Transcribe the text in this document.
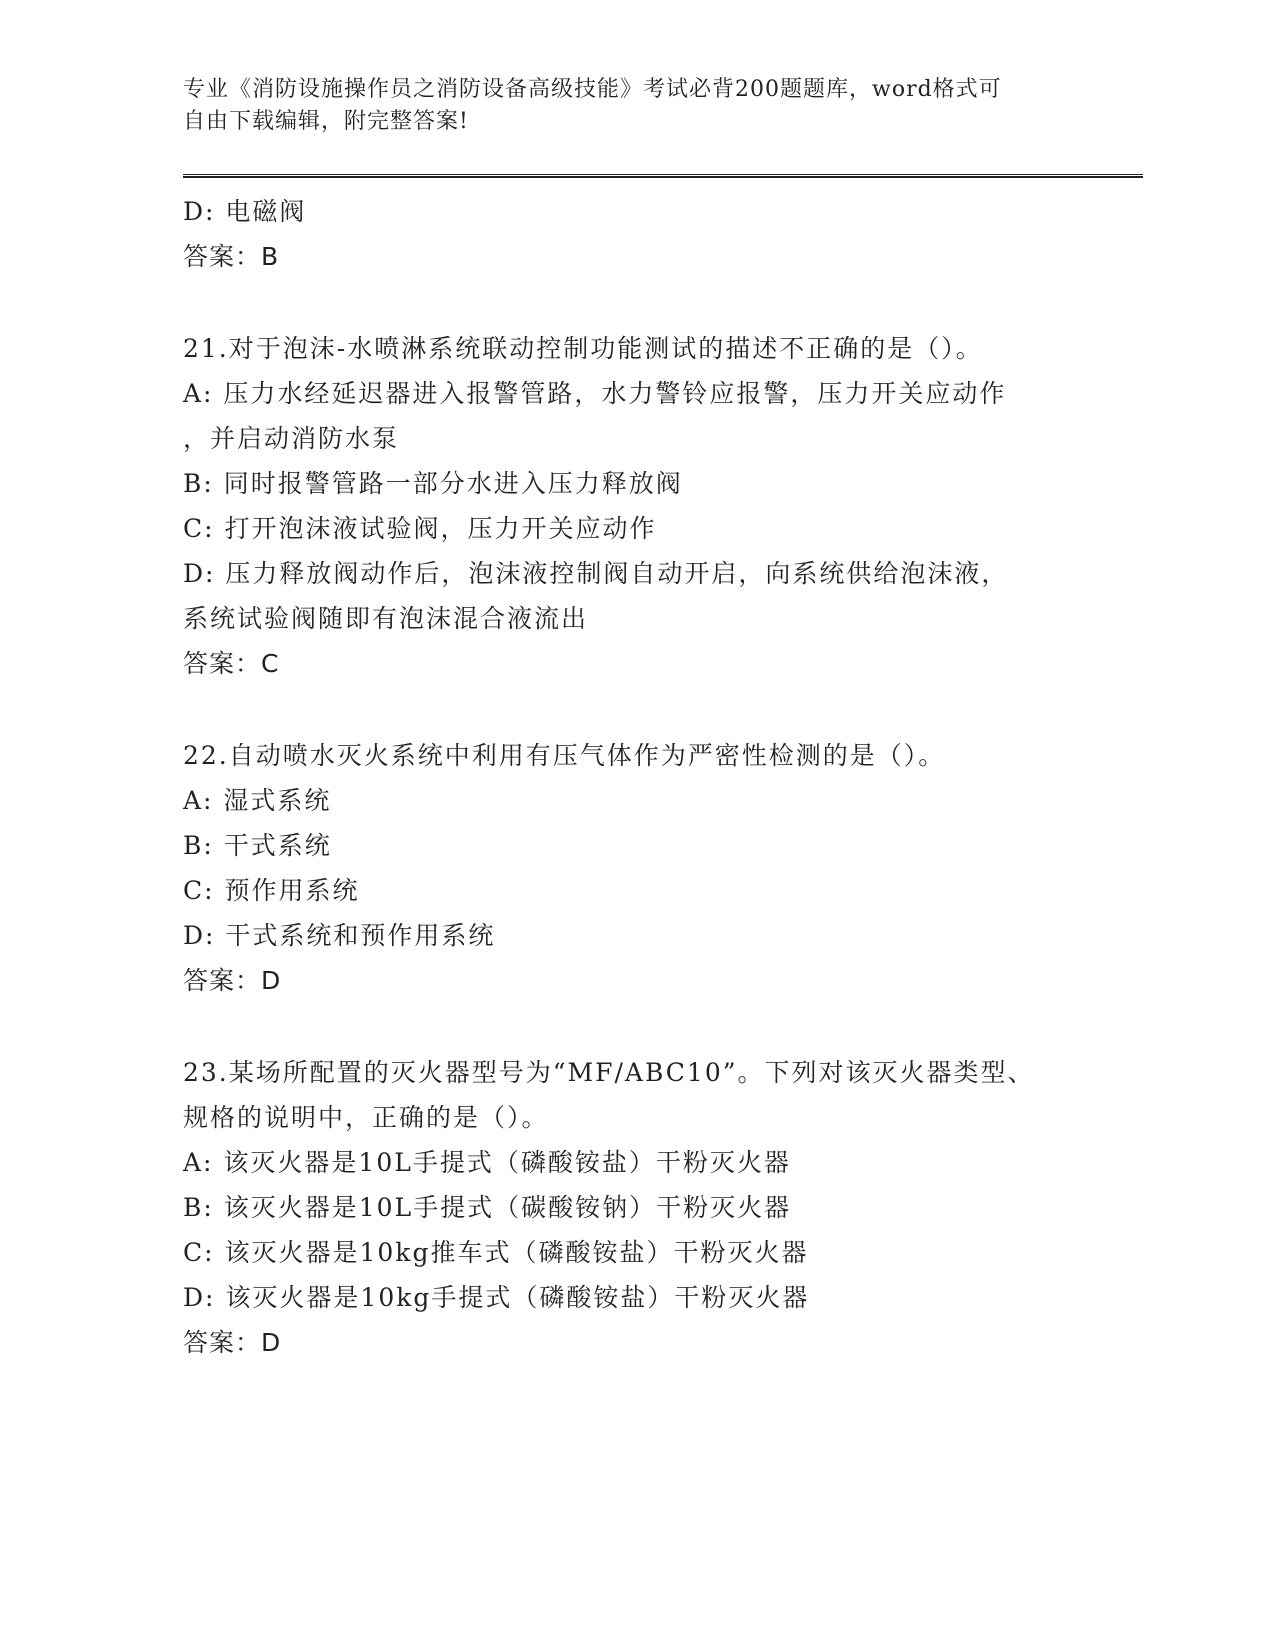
专业《消防设施操作员之消防设备高级技能》考试必背200题题库，word格式可
自由下载编辑，附完整答案!
D: 电磁阀
答案：B
21.对于泡沫-水喷淋系统联动控制功能测试的描述不正确的是（）。
A: 压力水经延迟器进入报警管路，水力警铃应报警，压力开关应动作
，并启动消防水泵
B: 同时报警管路一部分水进入压力释放阀
C: 打开泡沫液试验阀，压力开关应动作
D: 压力释放阀动作后，泡沫液控制阀自动开启，向系统供给泡沫液，
系统试验阀随即有泡沫混合液流出
答案：C
22.自动喷水灭火系统中利用有压气体作为严密性检测的是（）。
A: 湿式系统
B: 干式系统
C: 预作用系统
D: 干式系统和预作用系统
答案：D
23.某场所配置的灭火器型号为“MF/ABC10”。下列对该灭火器类型、
规格的说明中，正确的是（）。
A: 该灭火器是10L手提式（磷酸铵盐）干粉灭火器
B: 该灭火器是10L手提式（碳酸铵钠）干粉灭火器
C: 该灭火器是10kg推车式（磷酸铵盐）干粉灭火器
D: 该灭火器是10kg手提式（磷酸铵盐）干粉灭火器
答案：D
